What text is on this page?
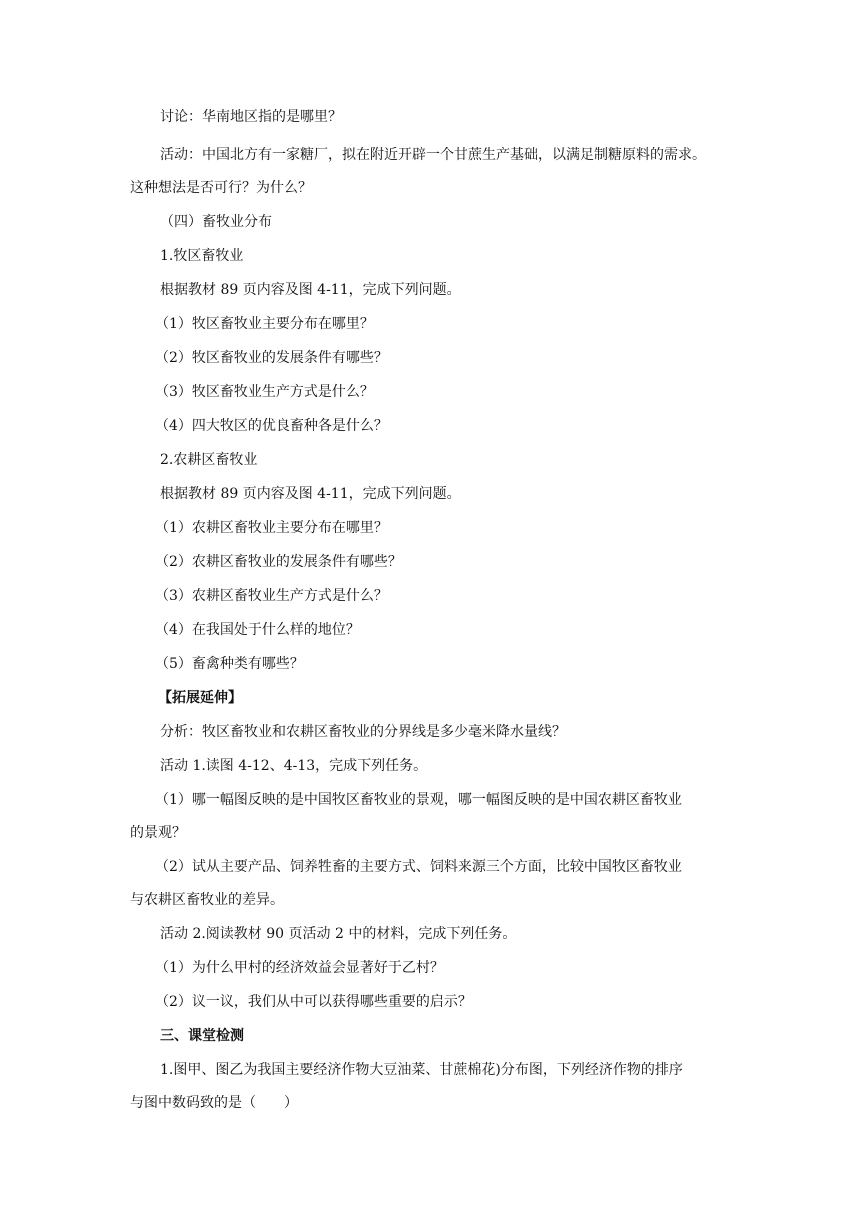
讨论：华南地区指的是哪里？
活动：中国北方有一家糖厂，拟在附近开辟一个甘蔗生产基础，以满足制糖原料的需求。
这种想法是否可行？为什么？
（四）畜牧业分布
1.牧区畜牧业
根据教材 89 页内容及图 4-11，完成下列问题。
（1）牧区畜牧业主要分布在哪里？
（2）牧区畜牧业的发展条件有哪些？
（3）牧区畜牧业生产方式是什么？
（4）四大牧区的优良畜种各是什么？
2.农耕区畜牧业
根据教材 89 页内容及图 4-11，完成下列问题。
（1）农耕区畜牧业主要分布在哪里？
（2）农耕区畜牧业的发展条件有哪些？
（3）农耕区畜牧业生产方式是什么？
（4）在我国处于什么样的地位？
（5）畜禽种类有哪些？
【拓展延伸】
分析：牧区畜牧业和农耕区畜牧业的分界线是多少毫米降水量线？
活动 1.读图 4-12、4-13，完成下列任务。
（1）哪一幅图反映的是中国牧区畜牧业的景观，哪一幅图反映的是中国农耕区畜牧业
的景观？
（2）试从主要产品、饲养牲畜的主要方式、饲料来源三个方面，比较中国牧区畜牧业
与农耕区畜牧业的差异。
活动 2.阅读教材 90 页活动 2 中的材料，完成下列任务。
（1）为什么甲村的经济效益会显著好于乙村？
（2）议一议，我们从中可以获得哪些重要的启示？
三、课堂检测
1.图甲、图乙为我国主要经济作物大豆油菜、甘蔗棉花)分布图，下列经济作物的排序
与图中数码致的是（　　）
